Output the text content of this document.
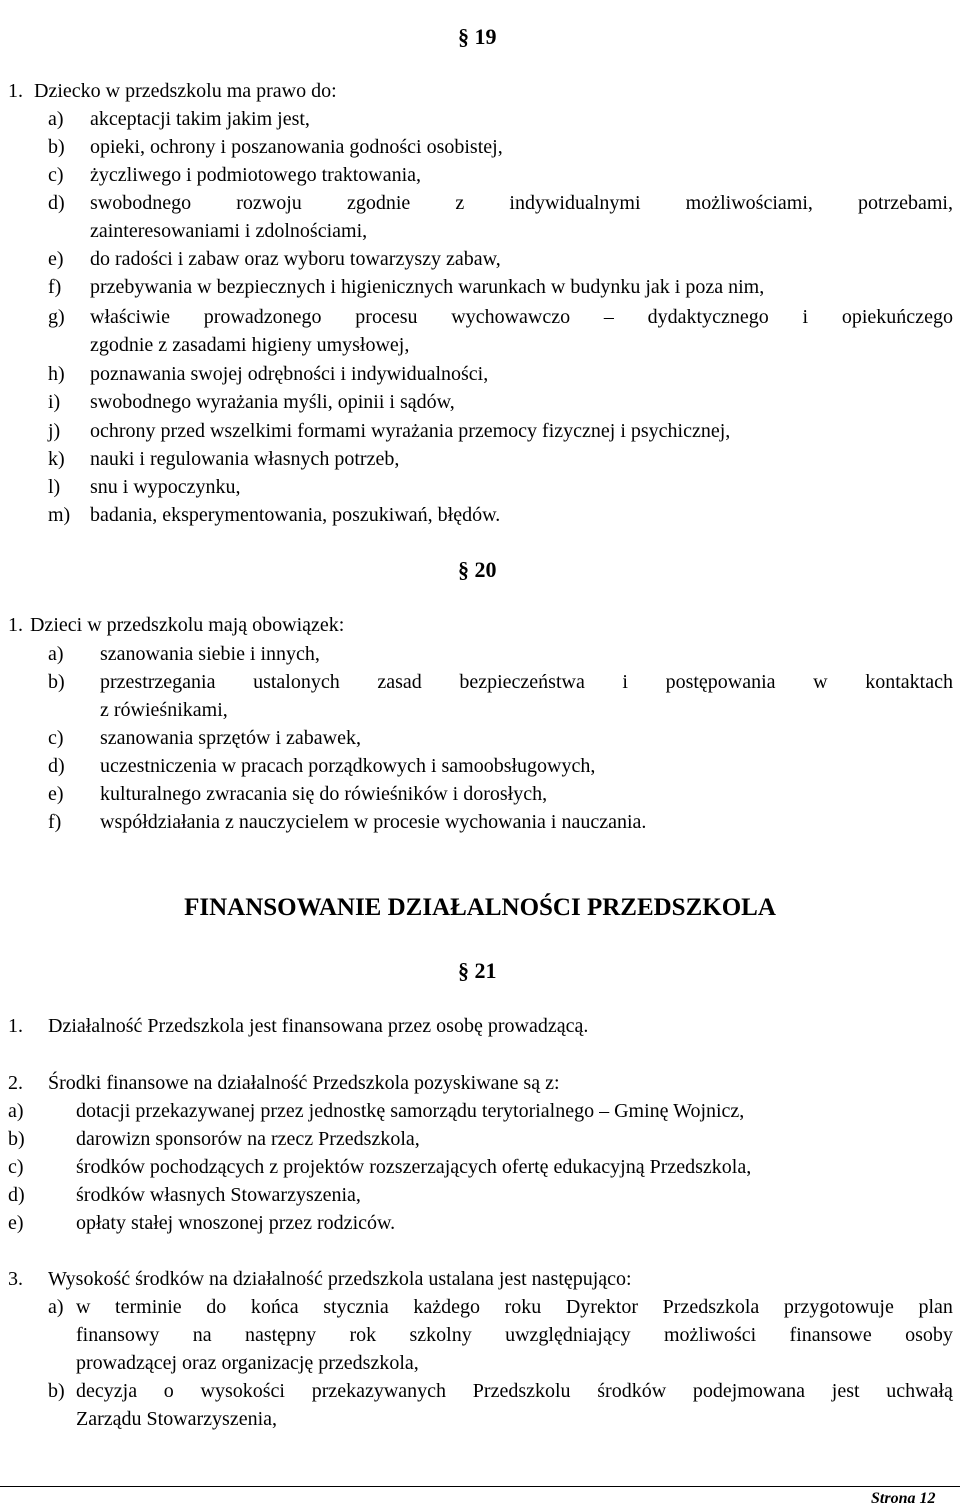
§ 19
1. Dziecko w przedszkolu ma prawo do:
a) akceptacji takim jakim jest,
b) opieki, ochrony i poszanowania godności osobistej,
c) życzliwego i podmiotowego traktowania,
d) swobodnego rozwoju zgodnie z indywidualnymi możliwościami, potrzebami,
zainteresowaniami i zdolnościami,
e) do radości i zabaw oraz wyboru towarzyszy zabaw,
f) przebywania w bezpiecznych i higienicznych warunkach w budynku jak i poza nim,
g) właściwie prowadzonego procesu wychowawczo – dydaktycznego i opiekuńczego
zgodnie z zasadami higieny umysłowej,
h) poznawania swojej odrębności i indywidualności,
i) swobodnego wyrażania myśli, opinii i sądów,
j) ochrony przed wszelkimi formami wyrażania przemocy fizycznej i psychicznej,
k) nauki i regulowania własnych potrzeb,
l) snu i wypoczynku,
m) badania, eksperymentowania, poszukiwań, błędów.
§ 20
1. Dzieci w przedszkolu mają obowiązek:
a) szanowania siebie i innych,
b) przestrzegania ustalonych zasad bezpieczeństwa i postępowania w kontaktach
z rówieśnikami,
c) szanowania sprzętów i zabawek,
d) uczestniczenia w pracach porządkowych i samoobsługowych,
e) kulturalnego zwracania się do rówieśników i dorosłych,
f) współdziałania z nauczycielem w procesie wychowania i nauczania.
FINANSOWANIE DZIAŁALNOŚCI PRZEDSZKOLA
§ 21
1. Działalność Przedszkola jest finansowana przez osobę prowadzącą.
2. Środki finansowe na działalność Przedszkola pozyskiwane są z:
a)	dotacji przekazywanej przez jednostkę samorządu terytorialnego – Gminę Wojnicz,
b)	darowizn sponsorów na rzecz Przedszkola,
c)	środków pochodzących z projektów rozszerzających ofertę edukacyjną Przedszkola,
d)	środków własnych Stowarzyszenia,
e)	opłaty stałej wnoszonej przez rodziców.
3. Wysokość środków na działalność przedszkola ustalana jest następująco:
a) w terminie do końca stycznia każdego roku Dyrektor Przedszkola przygotowuje plan
finansowy na następny rok szkolny uwzględniający możliwości finansowe osoby
prowadzącej oraz organizację przedszkola,
b) decyzja o wysokości przekazywanych Przedszkolu środków podejmowana jest uchwałą
Zarządu Stowarzyszenia,
Strona 12
